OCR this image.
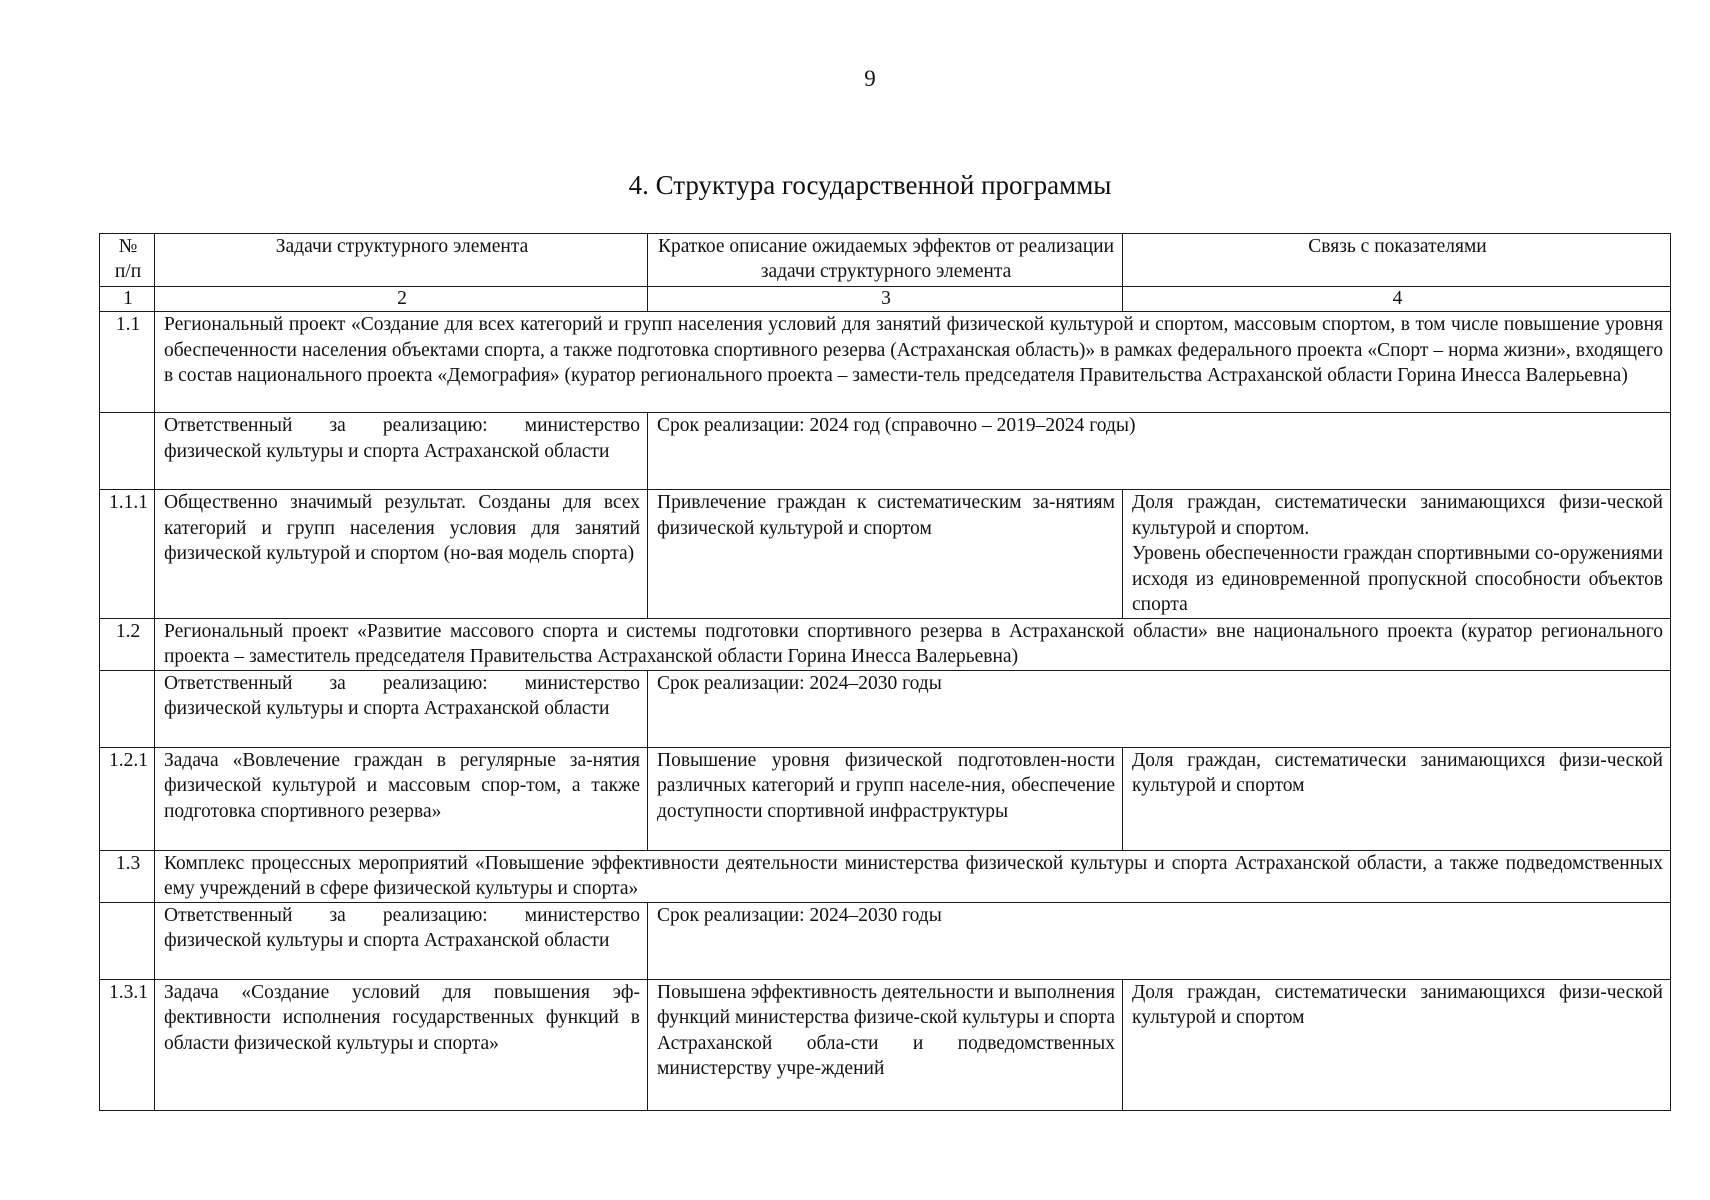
9
4. Структура государственной программы
№ п/п	Задачи структурного элемента	Краткое описание ожидаемых эффектов от реализации задачи структурного элемента	Связь с показателями
1	2	3	4
1.1	Региональный проект «Создание для всех категорий и групп населения условий для занятий физической культурой и спортом, массовым спортом, в том числе повышение уровня обеспеченности населения объектами спорта, а также подготовка спортивного резерва (Астраханская область)» в рамках федерального проекта «Спорт – норма жизни», входящего в состав национального проекта «Демография» (куратор регионального проекта – замести-тель председателя Правительства Астраханской области Горина Инесса Валерьевна)		
	Ответственный за реализацию: министерство физической культуры и спорта Астраханской области	Срок реализации: 2024 год (справочно – 2019–2024 годы)	
1.1.1	Общественно значимый результат. Созданы для всех категорий и групп населения условия для занятий физической культурой и спортом (но-вая модель спорта)	Привлечение граждан к систематическим за-нятиям физической культурой и спортом	Доля граждан, систематически занимающихся физи-ческой культурой и спортом.
Уровень обеспеченности граждан спортивными со-оружениями исходя из единовременной пропускной способности объектов спорта

1.2	Региональный проект «Развитие массового спорта и системы подготовки спортивного резерва в Астраханской области» вне национального проекта (куратор регионального проекта – заместитель председателя Правительства Астраханской области Горина Инесса Валерьевна)		
	Ответственный за реализацию: министерство физической культуры и спорта Астраханской области	Срок реализации: 2024–2030 годы	
1.2.1	Задача «Вовлечение граждан в регулярные за-нятия физической культурой и массовым спор-том, а также подготовка спортивного резерва»	Повышение уровня физической подготовлен-ности различных категорий и групп населе-ния, обеспечение доступности спортивной инфраструктуры	Доля граждан, систематически занимающихся физи-ческой культурой и спортом

1.3	Комплекс процессных мероприятий «Повышение эффективности деятельности министерства физической культуры и спорта Астраханской области, а также подведомственных ему учреждений в сфере физической культуры и спорта»		
	Ответственный за реализацию: министерство физической культуры и спорта Астраханской области	Срок реализации: 2024–2030 годы	
1.3.1	Задача «Создание условий для повышения эф-фективности исполнения государственных функций в области физической культуры и спорта»	Повышена эффективность деятельности и выполнения функций министерства физиче-ской культуры и спорта Астраханской обла-сти и подведомственных министерству учре-ждений	Доля граждан, систематически занимающихся физи-ческой культурой и спортом
